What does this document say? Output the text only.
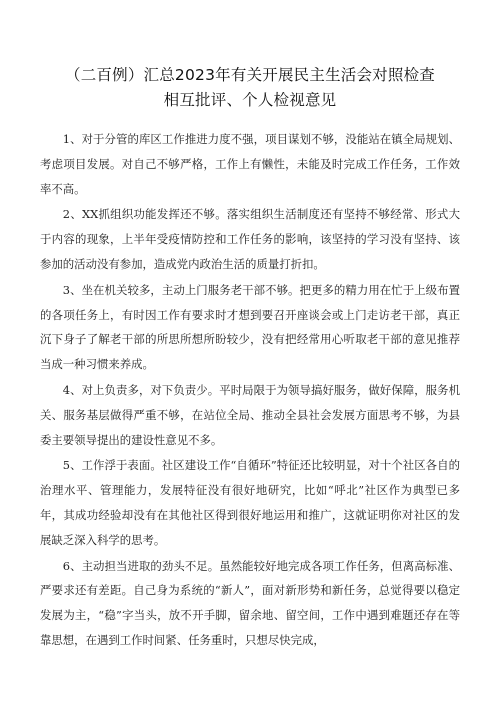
（二百例）汇总2023年有关开展民主生活会对照检查
相互批评、个人检视意见

1、对于分管的库区工作推进力度不强，项目谋划不够，没能站在镇全局规划、考虑项目发展。对自己不够严格，工作上有懒性，未能及时完成工作任务，工作效率不高。

2、XX抓组织功能发挥还不够。落实组织生活制度还有坚持不够经常、形式大于内容的现象，上半年受疫情防控和工作任务的影响，该坚持的学习没有坚持、该参加的活动没有参加，造成党内政治生活的质量打折扣。

3、坐在机关较多，主动上门服务老干部不够。把更多的精力用在忙于上级布置的各项任务上，有时因工作有要求时才想到要召开座谈会或上门走访老干部，真正沉下身子了解老干部的所思所想所盼较少，没有把经常用心听取老干部的意见推荐当成一种习惯来养成。

4、对上负责多，对下负责少。平时局限于为领导搞好服务，做好保障，服务机关、服务基层做得严重不够，在站位全局、推动全县社会发展方面思考不够，为县委主要领导提出的建设性意见不多。

5、工作浮于表面。社区建设工作“自循环”特征还比较明显，对十个社区各自的治理水平、管理能力，发展特征没有很好地研究，比如“呼北”社区作为典型已多年，其成功经验却没有在其他社区得到很好地运用和推广，这就证明你对社区的发展缺乏深入科学的思考。

6、主动担当进取的劲头不足。虽然能较好地完成各项工作任务，但离高标准、严要求还有差距。自己身为系统的“新人”，面对新形势和新任务，总觉得要以稳定发展为主，“稳”字当头，放不开手脚，留余地、留空间，工作中遇到难题还存在等靠思想，在遇到工作时间紧、任务重时，只想尽快完成，
